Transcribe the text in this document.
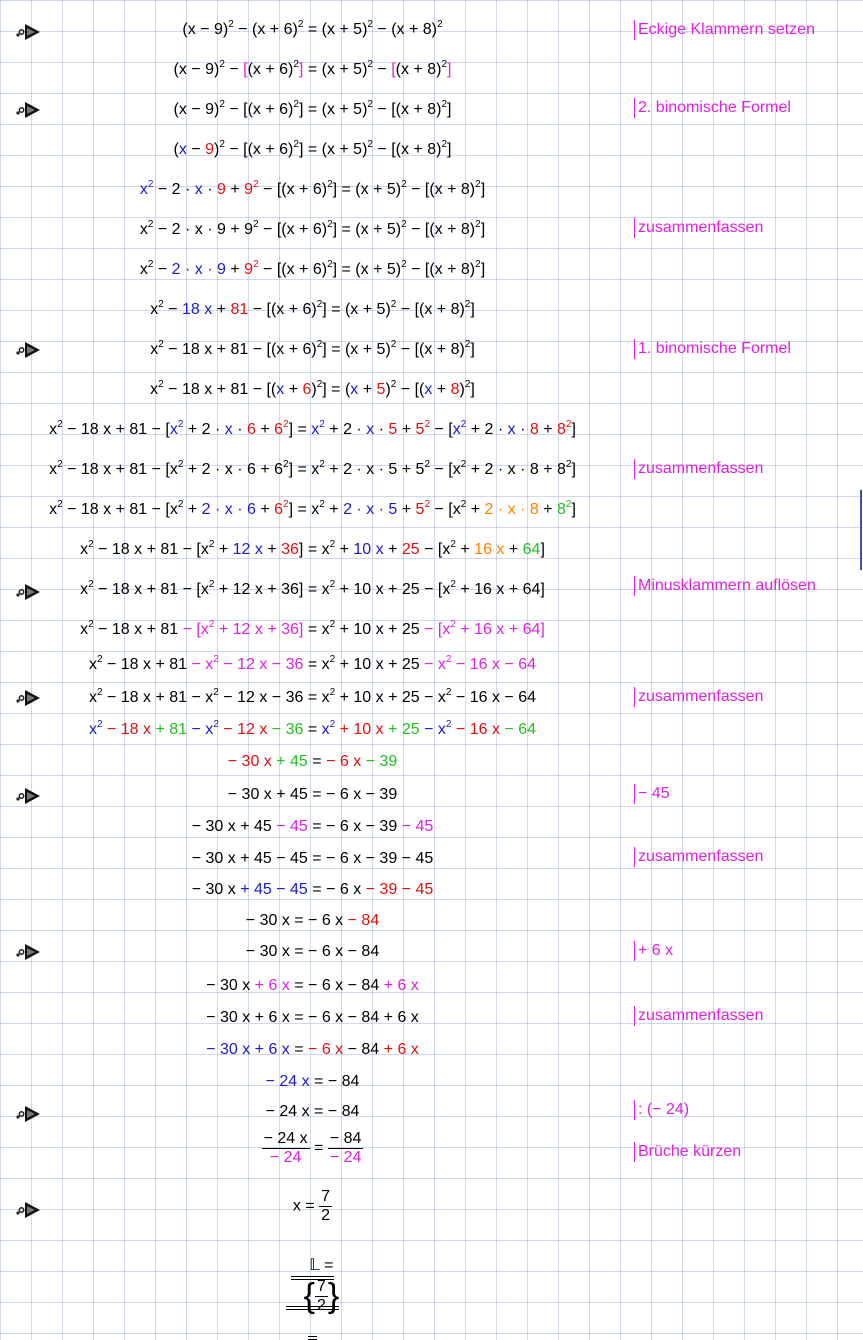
$(x - 9)^2 - (x + 6)^2 = (x + 5)^2 - (x + 8)^2$
$(x - 9)^2 - [(x + 6)^2] = (x + 5)^2 - [(x + 8)^2]$
$(x - 9)^2 - [(x + 6)^2] = (x + 5)^2 - [(x + 8)^2]$
$(x - 9)^2 - [(x + 6)^2] = (x + 5)^2 - [(x + 8)^2]$
$x^2 - 2 \cdot x \cdot 9 + 9^2 - [(x + 6)^2] = (x + 5)^2 - [(x + 8)^2]$
$x^2 - 2 \cdot x \cdot 9 + 9^2 - [(x + 6)^2] = (x + 5)^2 - [(x + 8)^2]$
$x^2 - 2 \cdot x \cdot 9 + 9^2 - [(x + 6)^2] = (x + 5)^2 - [(x + 8)^2]$
$x^2 - 18$ $x + 81 - [(x + 6)^2] = (x + 5)^2 - [(x + 8)^2]$
$x^2 - 18$ $x + 81 - [(x + 6)^2] = (x + 5)^2 - [(x + 8)^2]$
$x^2 - 18$ $x + 81 - [(x + 6)^2] = (x + 5)^2 - [(x + 8)^2]$
$x^2 - 18$ $x + 81 - [x^2 + 2 \cdot x \cdot 6 + 6^2] = x^2 + 2 \cdot x \cdot 5 + 5^2 - [x^2 + 2 \cdot x \cdot 8 + 8^2]$
$x^2 - 18$ $x + 81 - [x^2 + 2 \cdot x \cdot 6 + 6^2] = x^2 + 2 \cdot x \cdot 5 + 5^2 - [x^2 + 2 \cdot x \cdot 8 + 8^2]$
$x^2 - 18$ $x + 81 - [x^2 + 2 \cdot x \cdot 6 + 6^2] = x^2 + 2 \cdot x \cdot 5 + 5^2 - [x^2 + 2 \cdot x \cdot 8 + 8^2]$
$x^2 - 18$ $x + 81 - [x^2 + 12$ $x + 36] = x^2 + 10$ $x + 25 - [x^2 + 16$ x + 64]
$x^2 - 18$ $x + 81 - [x^2 + 12$ $x + 36] = x^2 + 10$ $x + 25 - [x^2 + 16$ x + 64]
$x^2 - 18$ $x + 81 - [x^2 + 12$ $x + 36] = x^2 + 10$ $x + 25 - [x^2 + 16$ x + 64]
$x^2 - 18$ $x + 81 - x^2 - 12$ $x - 36 = x^2 + 10$ $x + 25 - x^2 - 16$ x − 64
$x^2 - 18$ $x + 81 - x^2 - 12$ $x - 36 = x^2 + 10$ $x + 25 - x^2 - 16$ x − 64
$x^2 - 18$ $x + 81 - x^2 - 12$ $x - 36 = x^2 + 10$ $x + 25 - x^2 - 16$ x − 64
− 30 x + 45 = − 6 x − 39
− 30 x + 45 = − 6 x − 39
− 30 x + 45 − 45 = − 6 x − 39 − 45
− 30 x + 45 − 45 = − 6 x − 39 − 45
− 30 x + 45 − 45 = − 6 x − 39 − 45
− 30 x = − 6 x − 84
− 30 x = − 6 x − 84
− 30 x + 6 x = − 6 x − 84 + 6 x
− 30 x + 6 x = − 6 x − 84 + 6 x
− 30 x + 6 x = − 6 x − 84 + 6 x
− 24 x = − 84
− 24 x = − 84
Eckige Klammern setzen
2. binomische Formel
zusammenfassen
1. binomische Formel
zusammenfassen
Minusklammern auflösen
zusammenfassen
− 45
zusammenfassen
+ 6 x
zusammenfassen
: (− 24)
Brüche kürzen
$\frac{- 24 x}{- 24} = \frac{- 84}{- 24}$
$x = \frac{7}{2}$

𝕃 =
{ $\frac{7}{2}$ }
